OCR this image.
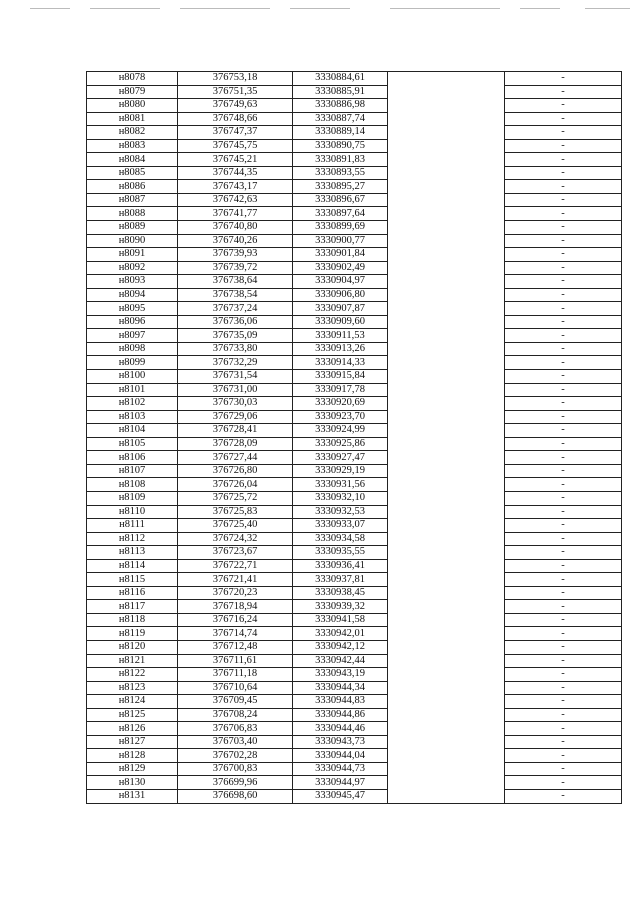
н8078	376753,18	3330884,61		-
н8079	376751,35	3330885,91		-
н8080	376749,63	3330886,98		-
н8081	376748,66	3330887,74		-
н8082	376747,37	3330889,14		-
н8083	376745,75	3330890,75		-
н8084	376745,21	3330891,83		-
н8085	376744,35	3330893,55		-
н8086	376743,17	3330895,27		-
н8087	376742,63	3330896,67		-
н8088	376741,77	3330897,64		-
н8089	376740,80	3330899,69		-
н8090	376740,26	3330900,77		-
н8091	376739,93	3330901,84		-
н8092	376739,72	3330902,49		-
н8093	376738,64	3330904,97		-
н8094	376738,54	3330906,80		-
н8095	376737,24	3330907,87		-
н8096	376736,06	3330909,60		-
н8097	376735,09	3330911,53		-
н8098	376733,80	3330913,26		-
н8099	376732,29	3330914,33		-
н8100	376731,54	3330915,84		-
н8101	376731,00	3330917,78		-
н8102	376730,03	3330920,69		-
н8103	376729,06	3330923,70		-
н8104	376728,41	3330924,99		-
н8105	376728,09	3330925,86		-
н8106	376727,44	3330927,47		-
н8107	376726,80	3330929,19		-
н8108	376726,04	3330931,56		-
н8109	376725,72	3330932,10		-
н8110	376725,83	3330932,53		-
н8111	376725,40	3330933,07		-
н8112	376724,32	3330934,58		-
н8113	376723,67	3330935,55		-
н8114	376722,71	3330936,41		-
н8115	376721,41	3330937,81		-
н8116	376720,23	3330938,45		-
н8117	376718,94	3330939,32		-
н8118	376716,24	3330941,58		-
н8119	376714,74	3330942,01		-
н8120	376712,48	3330942,12		-
н8121	376711,61	3330942,44		-
н8122	376711,18	3330943,19		-
н8123	376710,64	3330944,34		-
н8124	376709,45	3330944,83		-
н8125	376708,24	3330944,86		-
н8126	376706,83	3330944,46		-
н8127	376703,40	3330943,73		-
н8128	376702,28	3330944,04		-
н8129	376700,83	3330944,73		-
н8130	376699,96	3330944,97		-
н8131	376698,60	3330945,47		-
